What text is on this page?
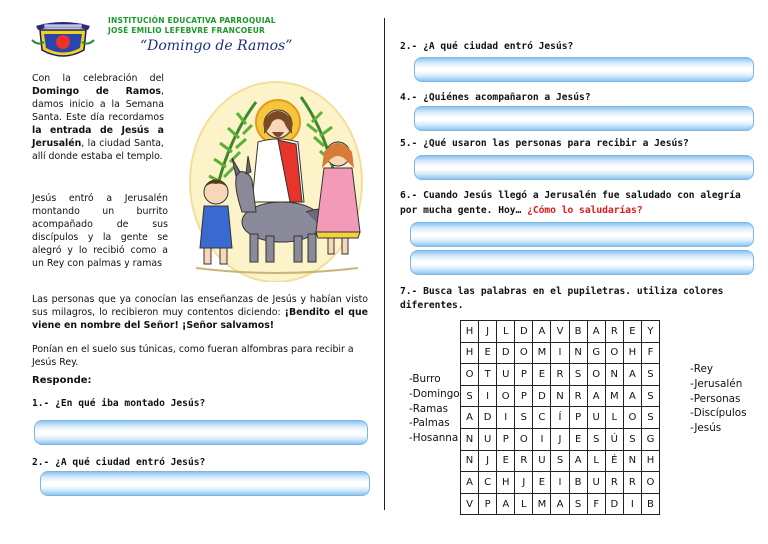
INSTITUCIÓN EDUCATIVA PARROQUIAL
JOSÉ EMILIO LEFEBVRE FRANCOEUR
“Domingo de Ramos”
Con la celebración del Domingo de Ramos, damos inicio a la Semana Santa. Este día recordamos la entrada de Jesús a Jerusalén, la ciudad Santa, allí donde estaba el templo.
Jesús entró a Jerusalén montando un burrito acompañado de sus discípulos y la gente se alegró y lo recibió como a un Rey con palmas y ramas
Las personas que ya conocían las enseñanzas de Jesús y habían visto sus milagros, lo recibieron muy contentos diciendo: ¡Bendito el que viene en nombre del Señor! ¡Señor salvamos!
Ponían en el suelo sus túnicas, como fueran alfombras para recibir a Jesús Rey.
Responde:
1.- ¿En qué iba montado Jesús?
2.- ¿A qué ciudad entró Jesús?
2.- ¿A qué ciudad entró Jesús?
4.- ¿Quiénes acompañaron a Jesús?
5.- ¿Qué usaron las personas para recibir a Jesús?
6.- Cuando Jesús llegó a Jerusalén fue saludado con alegría
por mucha gente. Hoy… ¿Cómo lo saludarías?
7.- Busca las palabras en el pupiletras. utiliza colores
diferentes.
H	J	L	D	A	V	B	A	R	E	Y
H	E	D	O	M	I	N	G	O	H	F
O	T	U	P	E	R	S	O	N	A	S
S	I	O	P	D	N	R	A	M	A	S
A	D	I	S	C	Í	P	U	L	O	S
N	U	P	O	I	J	E	S	Ú	S	G
N	J	E	R	U	S	A	L	É	N	H
A	C	H	J	E	I	B	U	R	R	O
V	P	A	L	M	A	S	F	D	I	B
-Burro
-Domingo
-Ramas
-Palmas
-Hosanna
-Rey
-Jerusalén
-Personas
-Discípulos
-Jesús
